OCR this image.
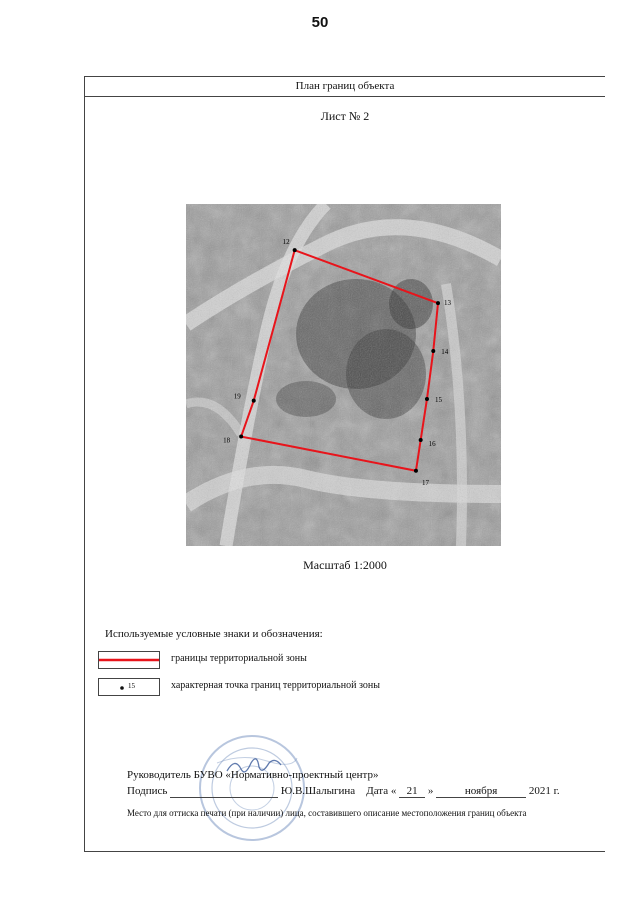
50
План границ объекта
Лист № 2
12
13
14
15
16
17
18
19
Масштаб 1:2000
Используемые условные знаки и обозначения:
границы территориальной зоны
15	характерная точка границ территориальной зоны
Руководитель БУВО «Нормативно-проектный центр»
Подпись	Ю.В.Шалыгина Дата « 21 »	ноября	2021 г.
Место для оттиска печати (при наличии) лица, составившего описание местоположения границ объекта
